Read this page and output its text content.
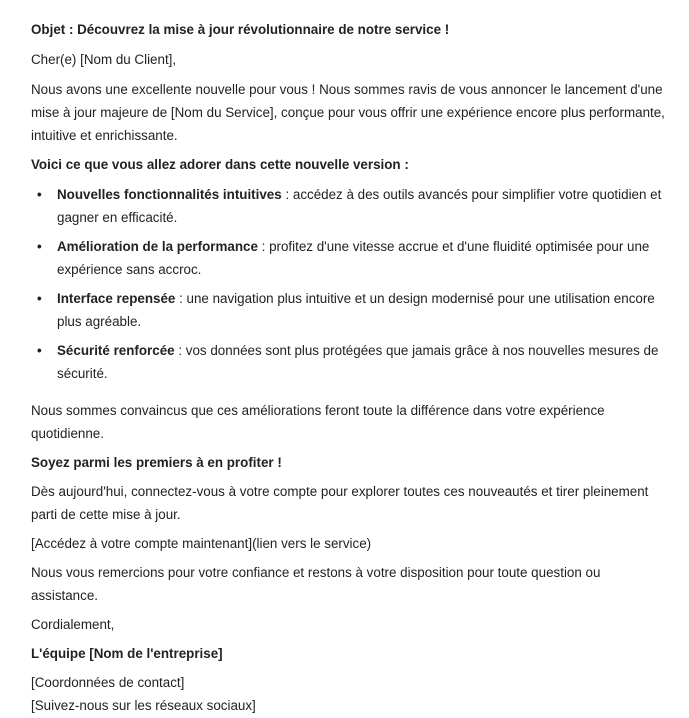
Objet : Découvrez la mise à jour révolutionnaire de notre service !

Cher(e) [Nom du Client],

Nous avons une excellente nouvelle pour vous ! Nous sommes ravis de vous annoncer le lancement d'une mise à jour majeure de [Nom du Service], conçue pour vous offrir une expérience encore plus performante, intuitive et enrichissante.

Voici ce que vous allez adorer dans cette nouvelle version :

• Nouvelles fonctionnalités intuitives : accédez à des outils avancés pour simplifier votre quotidien et gagner en efficacité.
• Amélioration de la performance : profitez d'une vitesse accrue et d'une fluidité optimisée pour une expérience sans accroc.
• Interface repensée : une navigation plus intuitive et un design modernisé pour une utilisation encore plus agréable.
• Sécurité renforcée : vos données sont plus protégées que jamais grâce à nos nouvelles mesures de sécurité.

Nous sommes convaincus que ces améliorations feront toute la différence dans votre expérience quotidienne.

Soyez parmi les premiers à en profiter !

Dès aujourd'hui, connectez-vous à votre compte pour explorer toutes ces nouveautés et tirer pleinement parti de cette mise à jour.

[Accédez à votre compte maintenant](lien vers le service)

Nous vous remercions pour votre confiance et restons à votre disposition pour toute question ou assistance.

Cordialement,

L'équipe [Nom de l'entreprise]

[Coordonnées de contact]

[Suivez-nous sur les réseaux sociaux]
